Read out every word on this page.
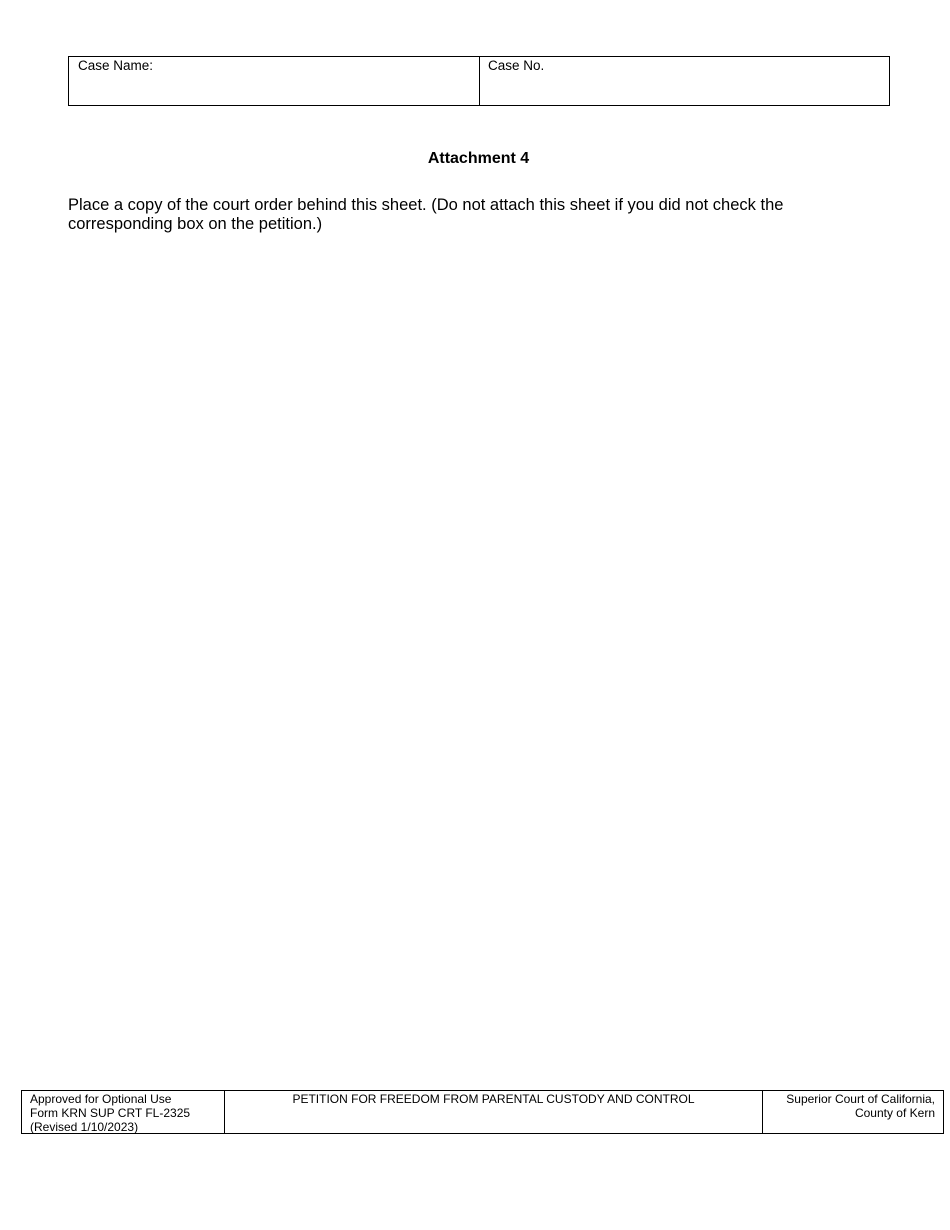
Case Name:	Case No.
Attachment 4
Place a copy of the court order behind this sheet. (Do not attach this sheet if you did not check the corresponding box on the petition.)
Approved for Optional Use
Form KRN SUP CRT FL-2325
(Revised 1/10/2023)
PETITION FOR FREEDOM FROM PARENTAL CUSTODY AND CONTROL	Superior Court of California,
County of Kern
